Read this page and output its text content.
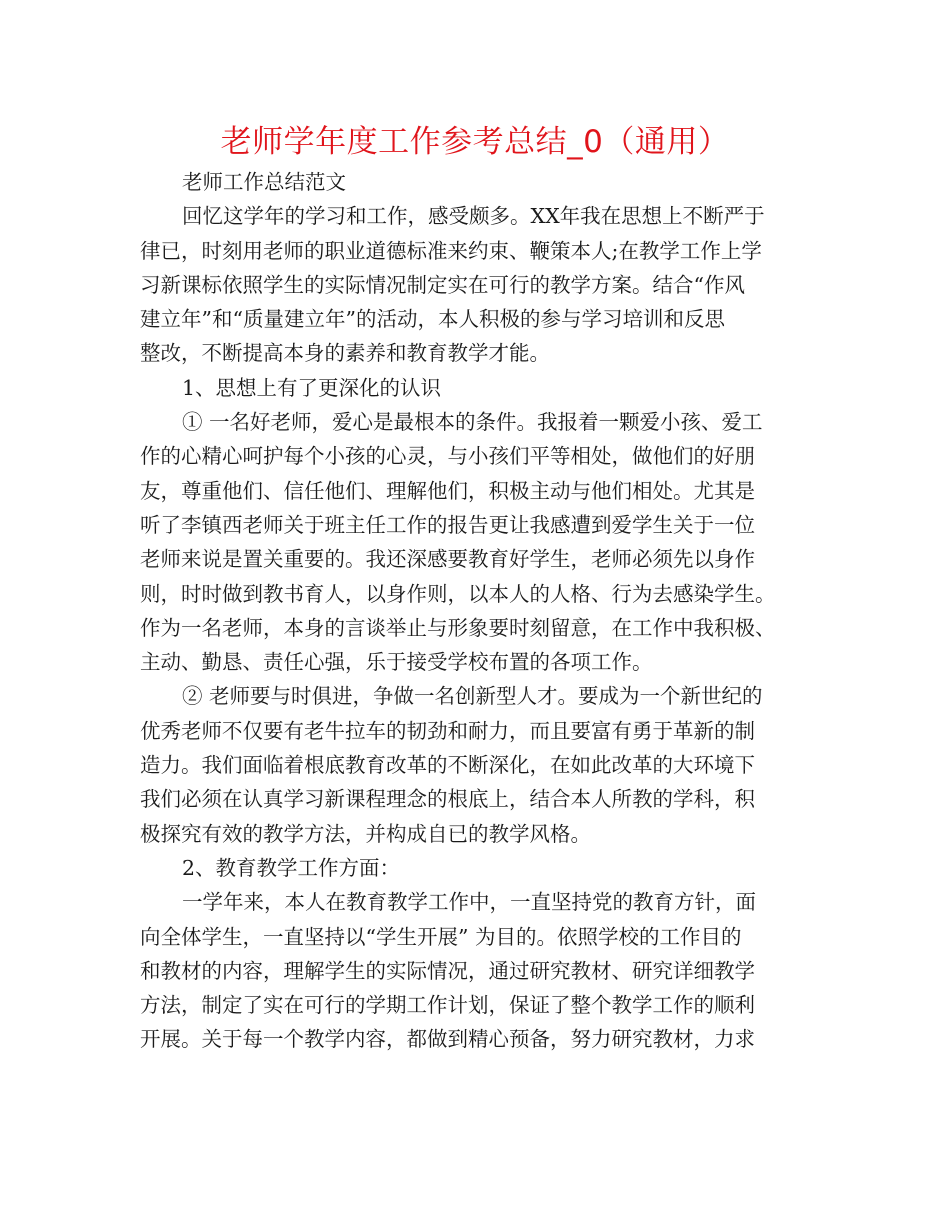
老师学年度工作参考总结_0（通用）
老师工作总结范文
回忆这学年的学习和工作，感受颇多。XX年我在思想上不断严于
律已，时刻用老师的职业道德标准来约束、鞭策本人;在教学工作上学
习新课标依照学生的实际情况制定实在可行的教学方案。结合“作风
建立年”和“质量建立年”的活动，本人积极的参与学习培训和反思
整改，不断提高本身的素养和教育教学才能。
1、思想上有了更深化的认识
① 一名好老师，爱心是最根本的条件。我报着一颗爱小孩、爱工
作的心精心呵护每个小孩的心灵，与小孩们平等相处，做他们的好朋
友，尊重他们、信任他们、理解他们，积极主动与他们相处。尤其是
听了李镇西老师关于班主任工作的报告更让我感遭到爱学生关于一位
老师来说是置关重要的。我还深感要教育好学生，老师必须先以身作
则，时时做到教书育人，以身作则，以本人的人格、行为去感染学生。
作为一名老师，本身的言谈举止与形象要时刻留意，在工作中我积极、
主动、勤恳、责任心强，乐于接受学校布置的各项工作。
② 老师要与时俱进，争做一名创新型人才。要成为一个新世纪的
优秀老师不仅要有老牛拉车的韧劲和耐力，而且要富有勇于革新的制
造力。我们面临着根底教育改革的不断深化，在如此改革的大环境下
我们必须在认真学习新课程理念的根底上，结合本人所教的学科，积
极探究有效的教学方法，并构成自已的教学风格。
2、教育教学工作方面：
一学年来，本人在教育教学工作中，一直坚持党的教育方针，面
向全体学生，一直坚持以“学生开展” 为目的。依照学校的工作目的
和教材的内容，理解学生的实际情况，通过研究教材、研究详细教学
方法，制定了实在可行的学期工作计划，保证了整个教学工作的顺利
开展。关于每一个教学内容，都做到精心预备，努力研究教材，力求
